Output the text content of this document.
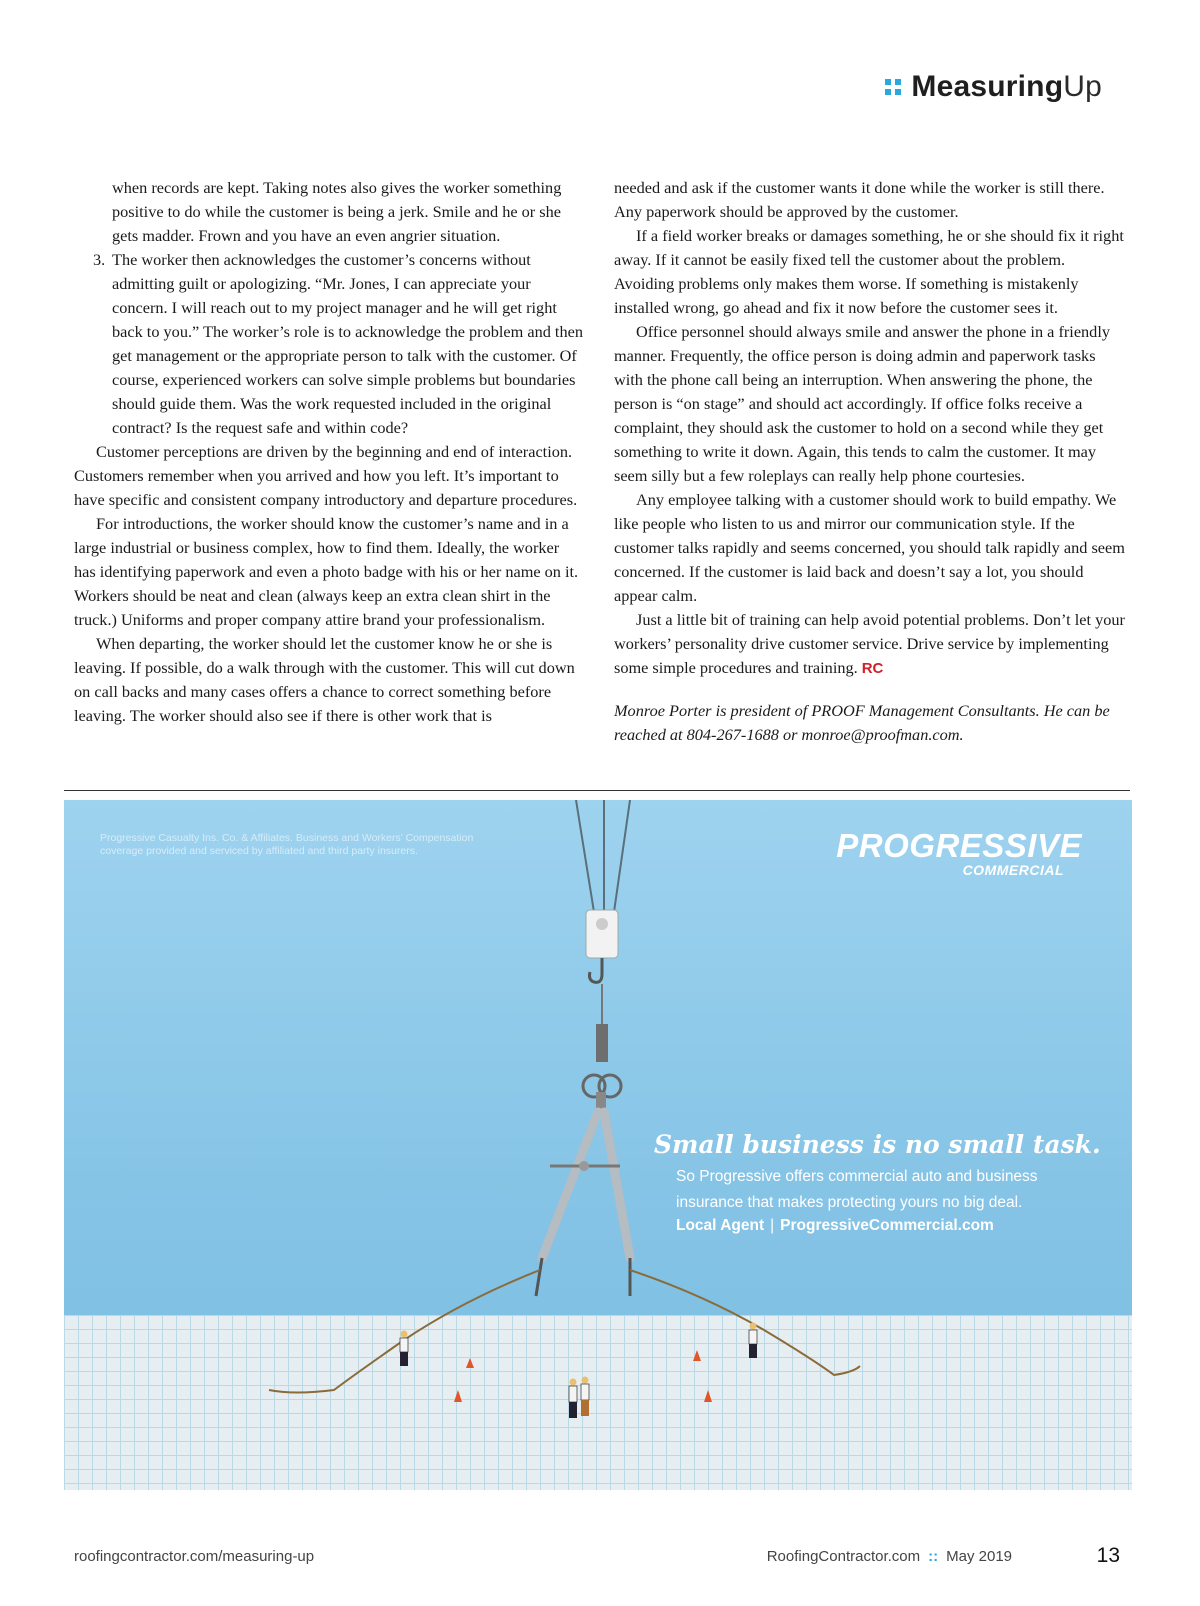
MeasuringUp

when records are kept. Taking notes also gives the worker something positive to do while the customer is being a jerk. Smile and he or she gets madder. Frown and you have an even angrier situation.

3. The worker then acknowledges the customer’s concerns without admitting guilt or apologizing. “Mr. Jones, I can appreciate your concern. I will reach out to my project manager and he will get right back to you.” The worker’s role is to acknowledge the problem and then get management or the appropriate person to talk with the customer. Of course, experienced workers can solve simple problems but boundaries should guide them. Was the work requested included in the original contract? Is the request safe and within code?

Customer perceptions are driven by the beginning and end of interaction. Customers remember when you arrived and how you left. It’s important to have specific and consistent company introductory and departure procedures.

For introductions, the worker should know the customer’s name and in a large industrial or business complex, how to find them. Ideally, the worker has identifying paperwork and even a photo badge with his or her name on it. Workers should be neat and clean (always keep an extra clean shirt in the truck.) Uniforms and proper company attire brand your professionalism.

When departing, the worker should let the customer know he or she is leaving. If possible, do a walk through with the customer. This will cut down on call backs and many cases offers a chance to correct something before leaving. The worker should also see if there is other work that is

needed and ask if the customer wants it done while the worker is still there. Any paperwork should be approved by the customer.

If a field worker breaks or damages something, he or she should fix it right away. If it cannot be easily fixed tell the customer about the problem. Avoiding problems only makes them worse. If something is mistakenly installed wrong, go ahead and fix it now before the customer sees it.

Office personnel should always smile and answer the phone in a friendly manner. Frequently, the office person is doing admin and paperwork tasks with the phone call being an interruption. When answering the phone, the person is “on stage” and should act accordingly. If office folks receive a complaint, they should ask the customer to hold on a second while they get something to write it down. Again, this tends to calm the customer. It may seem silly but a few roleplays can really help phone courtesies.

Any employee talking with a customer should work to build empathy. We like people who listen to us and mirror our communication style. If the customer talks rapidly and seems concerned, you should talk rapidly and seem concerned. If the customer is laid back and doesn’t say a lot, you should appear calm.

Just a little bit of training can help avoid potential problems. Don’t let your workers’ personality drive customer service. Drive service by implementing some simple procedures and training. RC

Monroe Porter is president of PROOF Management Consultants. He can be reached at 804-267-1688 or monroe@proofman.com.

Progressive Casualty Ins. Co. & Affiliates. Business and Workers’ Compensation coverage provided and serviced by affiliated and third party insurers.	PROGRESSIVE
COMMERCIAL
Small business is no small task.
So Progressive offers commercial auto and business insurance that makes protecting yours no big deal.
Local Agent | ProgressiveCommercial.com
roofingcontractor.com/measuring-up	RoofingContractor.com :: May 2019	13
